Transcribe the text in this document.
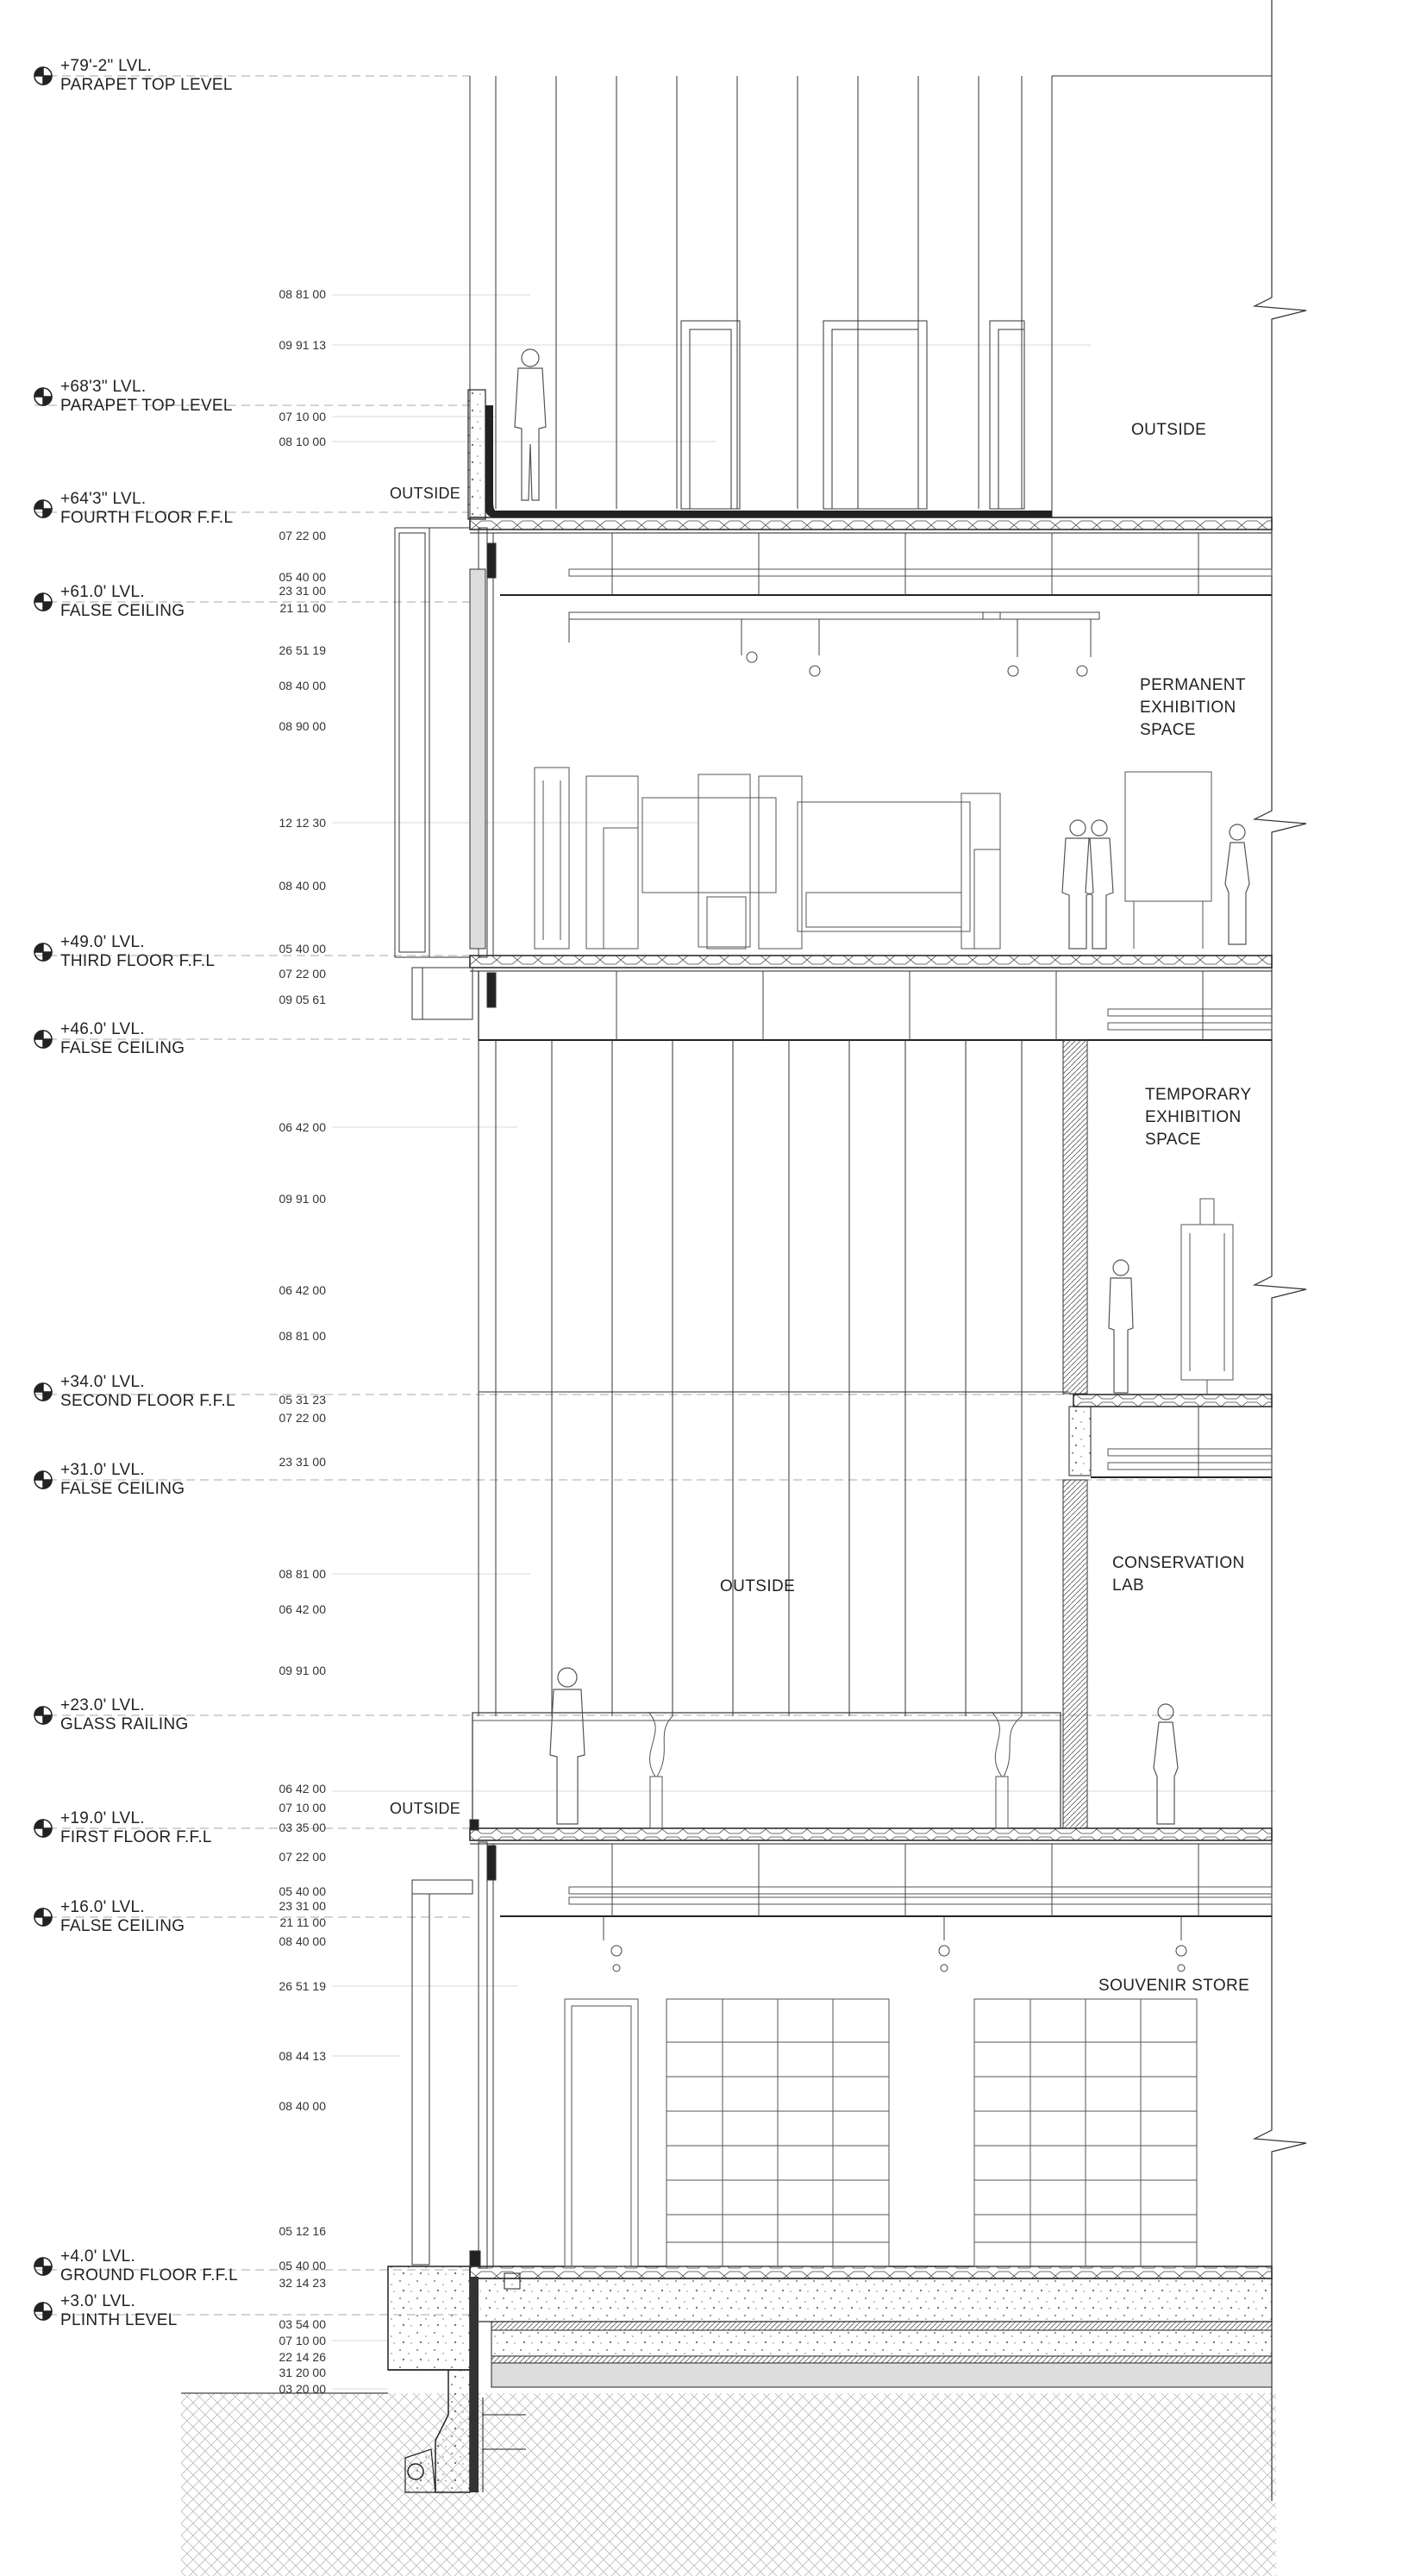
+79'-2" LVL.
PARAPET TOP LEVEL
+68'3" LVL.
PARAPET TOP LEVEL
+64'3" LVL.
FOURTH FLOOR F.F.L
+61.0' LVL.
FALSE CEILING
+49.0' LVL.
THIRD FLOOR F.F.L
+46.0' LVL.
FALSE CEILING
+34.0' LVL.
SECOND FLOOR F.F.L
+31.0' LVL.
FALSE CEILING
+23.0' LVL.
GLASS RAILING
+19.0' LVL.
FIRST FLOOR F.F.L
+16.0' LVL.
FALSE CEILING
+4.0' LVL.
GROUND FLOOR F.F.L
+3.0' LVL.
PLINTH LEVEL
08 81 00
09 91 13
07 10 00
08 10 00
07 22 00
05 40 00
23 31 00
21 11 00
26 51 19
08 40 00
08 90 00
12 12 30
08 40 00
05 40 00
07 22 00
09 05 61
06 42 00
09 91 00
06 42 00
08 81 00
05 31 23
07 22 00
23 31 00
08 81 00
06 42 00
09 91 00
06 42 00
07 10 00
03 35 00
07 22 00
05 40 00
23 31 00
21 11 00
08 40 00
26 51 19
08 44 13
08 40 00
05 12 16
05 40 00
32 14 23
03 54 00
07 10 00
22 14 26
31 20 00
03 20 00
OUTSIDE
OUTSIDE
PERMANENT
EXHIBITION
SPACE
TEMPORARY
EXHIBITION
SPACE
OUTSIDE
CONSERVATION
LAB
OUTSIDE
SOUVENIR STORE
